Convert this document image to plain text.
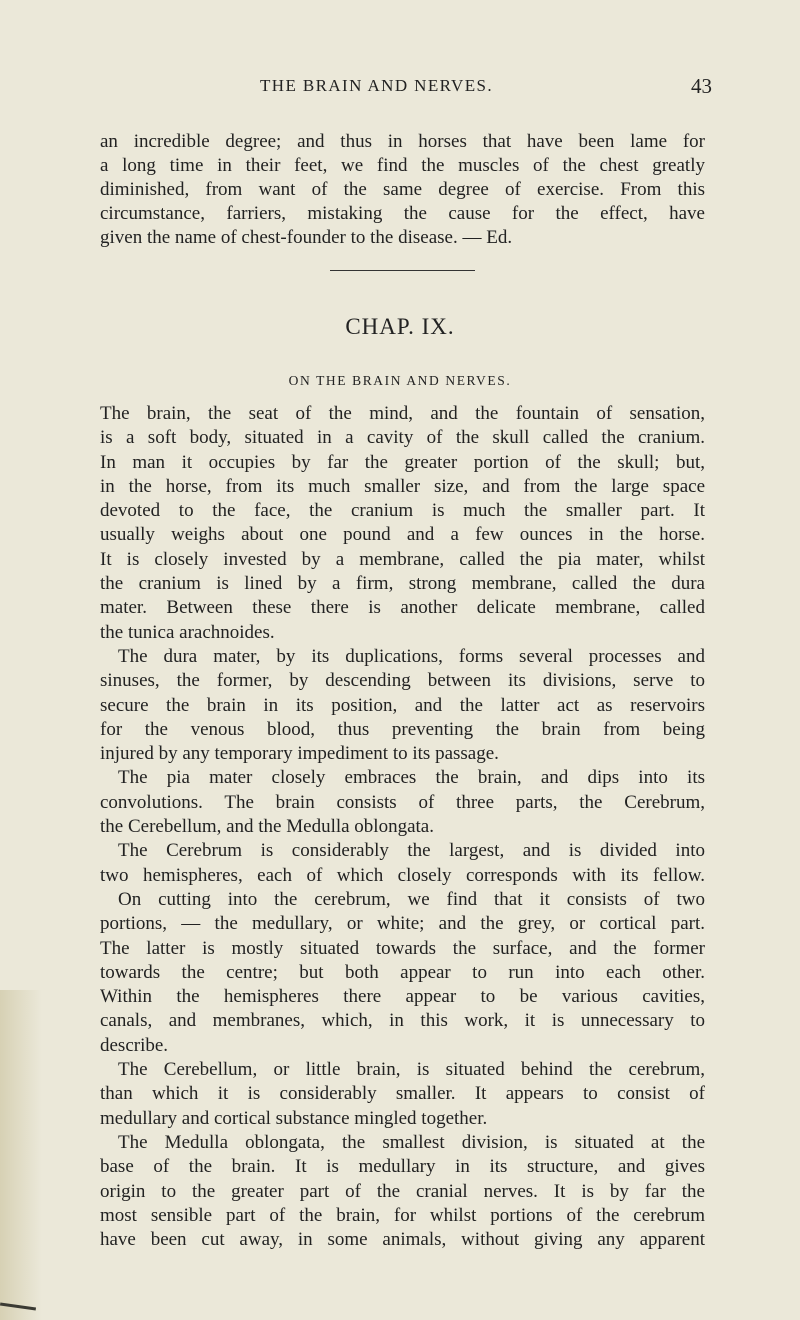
THE BRAIN AND NERVES.	43
an incredible degree; and thus in horses that have been lame for
a long time in their feet, we find the muscles of the chest greatly
diminished, from want of the same degree of exercise. From this
circumstance, farriers, mistaking the cause for the effect, have
given the name of chest-founder to the disease. — Ed.
CHAP. IX.
ON THE BRAIN AND NERVES.
The brain, the seat of the mind, and the fountain of sensation,
is a soft body, situated in a cavity of the skull called the cranium.
In man it occupies by far the greater portion of the skull; but,
in the horse, from its much smaller size, and from the large space
devoted to the face, the cranium is much the smaller part. It
usually weighs about one pound and a few ounces in the horse.
It is closely invested by a membrane, called the pia mater, whilst
the cranium is lined by a firm, strong membrane, called the dura
mater. Between these there is another delicate membrane, called
the tunica arachnoides.
The dura mater, by its duplications, forms several processes and
sinuses, the former, by descending between its divisions, serve to
secure the brain in its position, and the latter act as reservoirs
for the venous blood, thus preventing the brain from being
injured by any temporary impediment to its passage.
The pia mater closely embraces the brain, and dips into its
convolutions. The brain consists of three parts, the Cerebrum,
the Cerebellum, and the Medulla oblongata.
The Cerebrum is considerably the largest, and is divided into
two hemispheres, each of which closely corresponds with its fellow.
On cutting into the cerebrum, we find that it consists of two
portions, — the medullary, or white; and the grey, or cortical part.
The latter is mostly situated towards the surface, and the former
towards the centre; but both appear to run into each other.
Within the hemispheres there appear to be various cavities,
canals, and membranes, which, in this work, it is unnecessary to
describe.
The Cerebellum, or little brain, is situated behind the cerebrum,
than which it is considerably smaller. It appears to consist of
medullary and cortical substance mingled together.
The Medulla oblongata, the smallest division, is situated at the
base of the brain. It is medullary in its structure, and gives
origin to the greater part of the cranial nerves. It is by far the
most sensible part of the brain, for whilst portions of the cerebrum
have been cut away, in some animals, without giving any apparent
